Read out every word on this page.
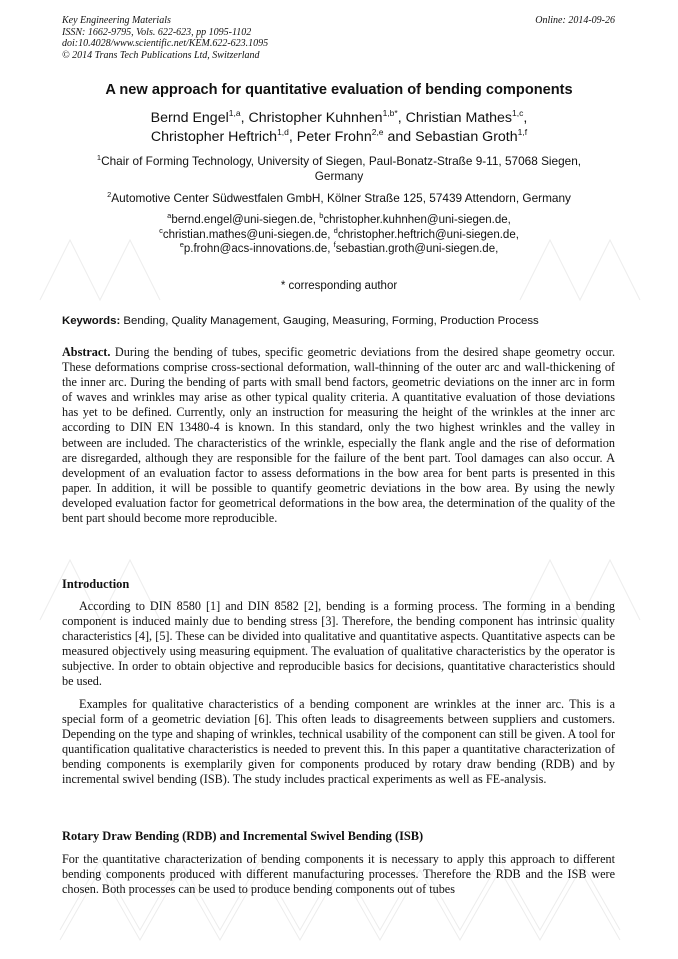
Key Engineering Materials
ISSN: 1662-9795, Vols. 622-623, pp 1095-1102
doi:10.4028/www.scientific.net/KEM.622-623.1095
© 2014 Trans Tech Publications Ltd, Switzerland
Online: 2014-09-26
A new approach for quantitative evaluation of bending components
Bernd Engel$^{1,a}$, Christopher Kuhnhen$^{1,b*}$, Christian Mathes$^{1,c}$,
Christopher Heftrich$^{1,d}$, Peter Frohn$^{2,e}$ and Sebastian Groth$^{1,f}$
$^1$Chair of Forming Technology, University of Siegen, Paul-Bonatz-Straße 9-11, 57068 Siegen,
Germany
$^2$Automotive Center Südwestfalen GmbH, Kölner Straße 125, 57439 Attendorn, Germany
$^a$bernd.engel@uni-siegen.de, $^b$christopher.kuhnhen@uni-siegen.de,
$^c$christian.mathes@uni-siegen.de, $^d$christopher.heftrich@uni-siegen.de,
$^e$p.frohn@acs-innovations.de, $^f$sebastian.groth@uni-siegen.de,
* corresponding author
Keywords: Bending, Quality Management, Gauging, Measuring, Forming, Production Process
Abstract. During the bending of tubes, specific geometric deviations from the desired shape geometry occur. These deformations comprise cross-sectional deformation, wall-thinning of the outer arc and wall-thickening of the inner arc. During the bending of parts with small bend factors, geometric deviations on the inner arc in form of waves and wrinkles may arise as other typical quality criteria. A quantitative evaluation of those deviations has yet to be defined. Currently, only an instruction for measuring the height of the wrinkles at the inner arc according to DIN EN 13480-4 is known. In this standard, only the two highest wrinkles and the valley in between are included. The characteristics of the wrinkle, especially the flank angle and the rise of deformation are disregarded, although they are responsible for the failure of the bent part. Tool damages can also occur. A development of an evaluation factor to assess deformations in the bow area for bent parts is presented in this paper. In addition, it will be possible to quantify geometric deviations in the bow area. By using the newly developed evaluation factor for geometrical deformations in the bow area, the determination of the quality of the bent part should become more reproducible.
Introduction
According to DIN 8580 [1] and DIN 8582 [2], bending is a forming process. The forming in a bending component is induced mainly due to bending stress [3]. Therefore, the bending component has intrinsic quality characteristics [4], [5]. These can be divided into qualitative and quantitative aspects. Quantitative aspects can be measured objectively using measuring equipment. The evaluation of qualitative characteristics by the operator is subjective. In order to obtain objective and reproducible basics for decisions, quantitative characteristics should be used.
Examples for qualitative characteristics of a bending component are wrinkles at the inner arc. This is a special form of a geometric deviation [6]. This often leads to disagreements between suppliers and customers. Depending on the type and shaping of wrinkles, technical usability of the component can still be given. A tool for quantification qualitative characteristics is needed to prevent this. In this paper a quantitative characterization of bending components is exemplarily given for components produced by rotary draw bending (RDB) and by incremental swivel bending (ISB). The study includes practical experiments as well as FE-analysis.
Rotary Draw Bending (RDB) and Incremental Swivel Bending (ISB)
For the quantitative characterization of bending components it is necessary to apply this approach to different bending components produced with different manufacturing processes. Therefore the RDB and the ISB were chosen. Both processes can be used to produce bending components out of tubes
